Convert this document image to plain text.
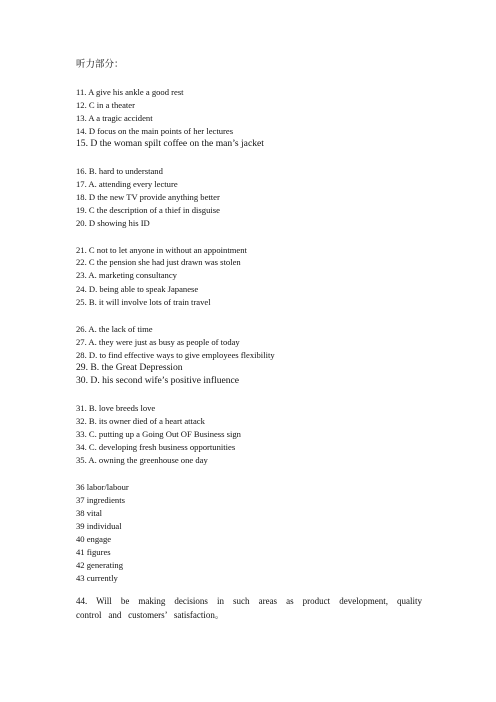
听力部分：
11. A give his ankle a good rest
12. C in a theater
13. A a tragic accident
14. D focus on the main points of her lectures
15. D the woman spilt coffee on the man’s jacket
16. B. hard to understand
17. A. attending every lecture
18. D the new TV provide anything better
19. C the description of a thief in disguise
20. D showing his ID
21. C not to let anyone in without an appointment
22. C the pension she had just drawn was stolen
23. A. marketing consultancy
24. D. being able to speak Japanese
25. B. it will involve lots of train travel
26. A. the lack of time
27. A. they were just as busy as people of today
28. D. to find effective ways to give employees flexibility
29. B. the Great Depression
30. D. his second wife’s positive influence
31. B. love breeds love
32. B. its owner died of a heart attack
33. C. putting up a Going Out OF Business sign
34. C. developing fresh business opportunities
35. A. owning the greenhouse one day
36 labor/labour
37 ingredients
38 vital
39 individual
40 engage
41 figures
42 generating
43 currently
44. Will be making decisions in such areas as product development, quality control and customers’ satisfaction。
